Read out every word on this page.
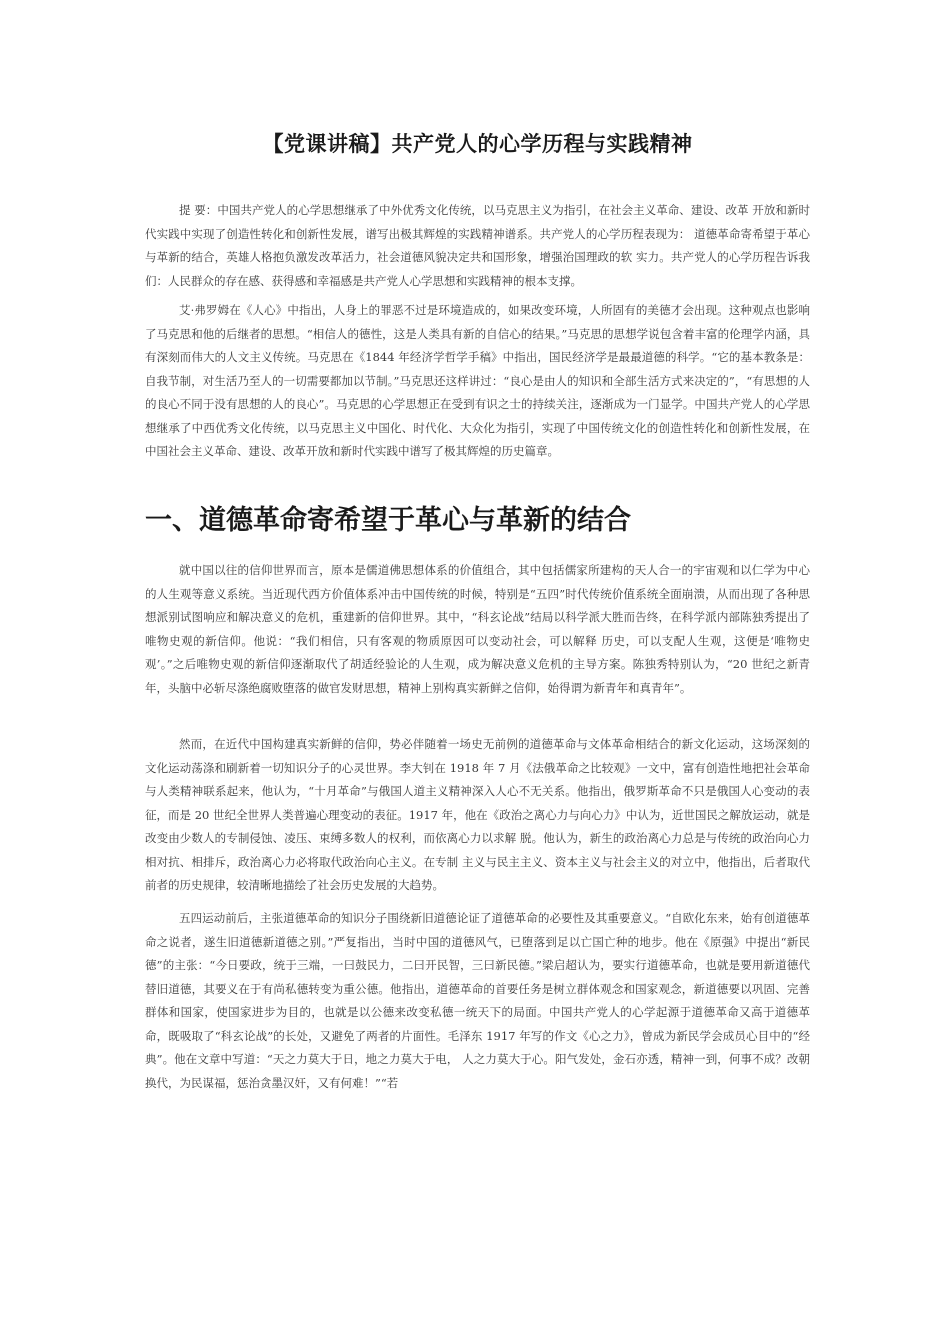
【党课讲稿】共产党人的心学历程与实践精神

提 要：中国共产党人的心学思想继承了中外优秀文化传统，以马克思主义为指引，在社会主义革命、建设、改革 开放和新时代实践中实现了创造性转化和创新性发展，谱写出极其辉煌的实践精神谱系。共产党人的心学历程表现为： 道德革命寄希望于革心与革新的结合，英雄人格抱负激发改革活力，社会道德风貌决定共和国形象，增强治国理政的软 实力。共产党人的心学历程告诉我们：人民群众的存在感、获得感和幸福感是共产党人心学思想和实践精神的根本支撑。

艾·弗罗姆在《人心》中指出，人身上的罪恶不过是环境造成的，如果改变环境，人所固有的美德才会出现。这种观点也影响了马克思和他的后继者的思想。“相信人的德性，这是人类具有新的自信心的结果。”马克思的思想学说包含着丰富的伦理学内涵，具有深刻而伟大的人文主义传统。马克思在《1844 年经济学哲学手稿》中指出，国民经济学是最最道德的科学。“它的基本教条是：自我节制，对生活乃至人的一切需要都加以节制。”马克思还这样讲过：“良心是由人的知识和全部生活方式来决定的”，“有思想的人的良心不同于没有思想的人的良心”。马克思的心学思想正在受到有识之士的持续关注，逐渐成为一门显学。中国共产党人的心学思想继承了中西优秀文化传统，以马克思主义中国化、时代化、大众化为指引，实现了中国传统文化的创造性转化和创新性发展，在中国社会主义革命、建设、改革开放和新时代实践中谱写了极其辉煌的历史篇章。

一、道德革命寄希望于革心与革新的结合

就中国以往的信仰世界而言，原本是儒道佛思想体系的价值组合，其中包括儒家所建构的天人合一的宇宙观和以仁学为中心的人生观等意义系统。当近现代西方价值体系冲击中国传统的时候，特别是“五四”时代传统价值系统全面崩溃，从而出现了各种思想派别试图响应和解决意义的危机，重建新的信仰世界。其中，“科玄论战”结局以科学派大胜而告终，在科学派内部陈独秀提出了唯物史观的新信仰。他说：“我们相信，只有客观的物质原因可以变动社会，可以解释 历史，可以支配人生观，这便是‘唯物史观’。”之后唯物史观的新信仰逐渐取代了胡适经验论的人生观，成为解决意义危机的主导方案。陈独秀特别认为，“20 世纪之新青年，头脑中必斩尽涤绝腐败堕落的做官发财思想，精神上别构真实新鲜之信仰，始得谓为新青年和真青年”。

然而，在近代中国构建真实新鲜的信仰，势必伴随着一场史无前例的道德革命与文体革命相结合的新文化运动，这场深刻的文化运动荡涤和刷新着一切知识分子的心灵世界。李大钊在 1918 年 7 月《法俄革命之比较观》一文中，富有创造性地把社会革命与人类精神联系起来，他认为，“十月革命”与俄国人道主义精神深入人心不无关系。他指出，俄罗斯革命不只是俄国人心变动的表征，而是 20 世纪全世界人类普遍心理变动的表征。1917 年，他在《政治之离心力与向心力》中认为，近世国民之解放运动，就是改变由少数人的专制侵蚀、凌压、束缚多数人的权利，而依离心力以求解 脱。他认为，新生的政治离心力总是与传统的政治向心力相对抗、相排斥，政治离心力必将取代政治向心主义。在专制 主义与民主主义、资本主义与社会主义的对立中，他指出，后者取代前者的历史规律，较清晰地描绘了社会历史发展的大趋势。

五四运动前后，主张道德革命的知识分子围绕新旧道德论证了道德革命的必要性及其重要意义。“自欧化东来，始有创道德革命之说者，遂生旧道德新道德之别。”严复指出，当时中国的道德风气，已堕落到足以亡国亡种的地步。他在《原强》中提出“新民德”的主张：“今日要政，统于三端，一曰鼓民力，二曰开民智，三曰新民德。”梁启超认为，要实行道德革命，也就是要用新道德代替旧道德，其要义在于有尚私德转变为重公德。他指出，道德革命的首要任务是树立群体观念和国家观念，新道德要以巩固、完善群体和国家，使国家进步为目的，也就是以公德来改变私德一统天下的局面。中国共产党人的心学起源于道德革命又高于道德革命，既吸取了“科玄论战”的长处，又避免了两者的片面性。毛泽东 1917 年写的作文《心之力》，曾成为新民学会成员心目中的“经典”。他在文章中写道：“天之力莫大于日，地之力莫大于电， 人之力莫大于心。阳气发处，金石亦透，精神一到，何事不成？改朝换代，为民谋福，惩治贪墨汉奸，又有何难！”“若
